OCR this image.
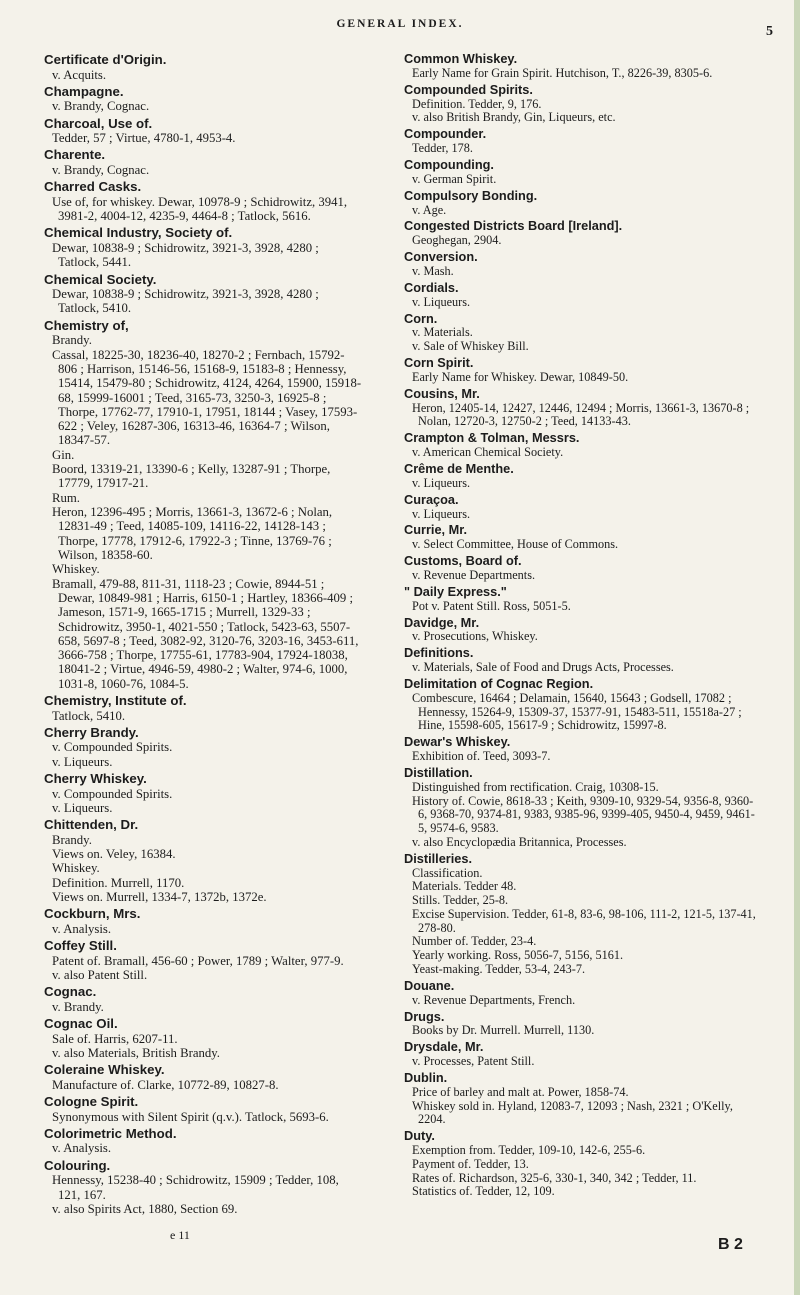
GENERAL INDEX.	5
Certificate d'Origin.
v. Acquits.
Champagne.
v. Brandy, Cognac.
Charcoal, Use of.
Tedder, 57 ; Virtue, 4780-1, 4953-4.
Charente.
v. Brandy, Cognac.
Charred Casks.
Use of, for whiskey. Dewar, 10978-9 ; Schidrowitz, 3941, 3981-2, 4004-12, 4235-9, 4464-8 ; Tatlock, 5616.
Chemical Industry, Society of.
Dewar, 10838-9 ; Schidrowitz, 3921-3, 3928, 4280 ; Tatlock, 5441.
Chemical Society.
Dewar, 10838-9 ; Schidrowitz, 3921-3, 3928, 4280 ; Tatlock, 5410.
Chemistry of,
Brandy.
Cassal, 18225-30, 18236-40, 18270-2 ; Fernbach, 15792-806 ; Harrison, 15146-56, 15168-9, 15183-8 ; Hennessy, 15414, 15479-80 ; Schidrowitz, 4124, 4264, 15900, 15918-68, 15999-16001 ; Teed, 3165-73, 3250-3, 16925-8 ; Thorpe, 17762-77, 17910-1, 17951, 18144 ; Vasey, 17593-622 ; Veley, 16287-306, 16313-46, 16364-7 ; Wilson, 18347-57.
Gin.
Boord, 13319-21, 13390-6 ; Kelly, 13287-91 ; Thorpe, 17779, 17917-21.
Rum.
Heron, 12396-495 ; Morris, 13661-3, 13672-6 ; Nolan, 12831-49 ; Teed, 14085-109, 14116-22, 14128-143 ; Thorpe, 17778, 17912-6, 17922-3 ; Tinne, 13769-76 ; Wilson, 18358-60.
Whiskey.
Bramall, 479-88, 811-31, 1118-23 ; Cowie, 8944-51 ; Dewar, 10849-981 ; Harris, 6150-1 ; Hartley, 18366-409 ; Jameson, 1571-9, 1665-1715 ; Murrell, 1329-33 ; Schidrowitz, 3950-1, 4021-550 ; Tatlock, 5423-63, 5507-658, 5697-8 ; Teed, 3082-92, 3120-76, 3203-16, 3453-611, 3666-758 ; Thorpe, 17755-61, 17783-904, 17924-18038, 18041-2 ; Virtue, 4946-59, 4980-2 ; Walter, 974-6, 1000, 1031-8, 1060-76, 1084-5.
Chemistry, Institute of.
Tatlock, 5410.
Cherry Brandy.
v. Compounded Spirits.
v. Liqueurs.
Cherry Whiskey.
v. Compounded Spirits.
v. Liqueurs.
Chittenden, Dr.
Brandy.
Views on. Veley, 16384.
Whiskey.
Definition. Murrell, 1170.
Views on. Murrell, 1334-7, 1372b, 1372e.
Cockburn, Mrs.
v. Analysis.
Coffey Still.
Patent of. Bramall, 456-60 ; Power, 1789 ; Walter, 977-9.
v. also Patent Still.
Cognac.
v. Brandy.
Cognac Oil.
Sale of. Harris, 6207-11.
v. also Materials, British Brandy.
Coleraine Whiskey.
Manufacture of. Clarke, 10772-89, 10827-8.
Cologne Spirit.
Synonymous with Silent Spirit (q.v.). Tatlock, 5693-6.
Colorimetric Method.
v. Analysis.
Colouring.
Hennessy, 15238-40 ; Schidrowitz, 15909 ; Tedder, 108, 121, 167.
v. also Spirits Act, 1880, Section 69.
Common Whiskey.
Early Name for Grain Spirit. Hutchison, T., 8226-39, 8305-6.
Compounded Spirits.
Definition. Tedder, 9, 176.
v. also British Brandy, Gin, Liqueurs, etc.
Compounder.
Tedder, 178.
Compounding.
v. German Spirit.
Compulsory Bonding.
v. Age.
Congested Districts Board [Ireland].
Geoghegan, 2904.
Conversion.
v. Mash.
Cordials.
v. Liqueurs.
Corn.
v. Materials.
v. Sale of Whiskey Bill.
Corn Spirit.
Early Name for Whiskey. Dewar, 10849-50.
Cousins, Mr.
Heron, 12405-14, 12427, 12446, 12494 ; Morris, 13661-3, 13670-8 ; Nolan, 12720-3, 12750-2 ; Teed, 14133-43.
Crampton & Tolman, Messrs.
v. American Chemical Society.
Crême de Menthe.
v. Liqueurs.
Curaçoa.
v. Liqueurs.
Currie, Mr.
v. Select Committee, House of Commons.
Customs, Board of.
v. Revenue Departments.
" Daily Express."
Pot v. Patent Still. Ross, 5051-5.
Davidge, Mr.
v. Prosecutions, Whiskey.
Definitions.
v. Materials, Sale of Food and Drugs Acts, Processes.
Delimitation of Cognac Region.
Combescure, 16464 ; Delamain, 15640, 15643 ; Godsell, 17082 ; Hennessy, 15264-9, 15309-37, 15377-91, 15483-511, 15518a-27 ; Hine, 15598-605, 15617-9 ; Schidrowitz, 15997-8.
Dewar's Whiskey.
Exhibition of. Teed, 3093-7.
Distillation.
Distinguished from rectification. Craig, 10308-15.
History of. Cowie, 8618-33 ; Keith, 9309-10, 9329-54, 9356-8, 9360-6, 9368-70, 9374-81, 9383, 9385-96, 9399-405, 9450-4, 9459, 9461-5, 9574-6, 9583.
v. also Encyclopædia Britannica, Processes.
Distilleries.
Classification.
Materials. Tedder 48.
Stills. Tedder, 25-8.
Excise Supervision. Tedder, 61-8, 83-6, 98-106, 111-2, 121-5, 137-41, 278-80.
Number of. Tedder, 23-4.
Yearly working. Ross, 5056-7, 5156, 5161.
Yeast-making. Tedder, 53-4, 243-7.
Douane.
v. Revenue Departments, French.
Drugs.
Books by Dr. Murrell. Murrell, 1130.
Drysdale, Mr.
v. Processes, Patent Still.
Dublin.
Price of barley and malt at. Power, 1858-74.
Whiskey sold in. Hyland, 12083-7, 12093 ; Nash, 2321 ; O'Kelly, 2204.
Duty.
Exemption from. Tedder, 109-10, 142-6, 255-6.
Payment of. Tedder, 13.
Rates of. Richardson, 325-6, 330-1, 340, 342 ; Tedder, 11.
Statistics of. Tedder, 12, 109.
e 11
B 2
